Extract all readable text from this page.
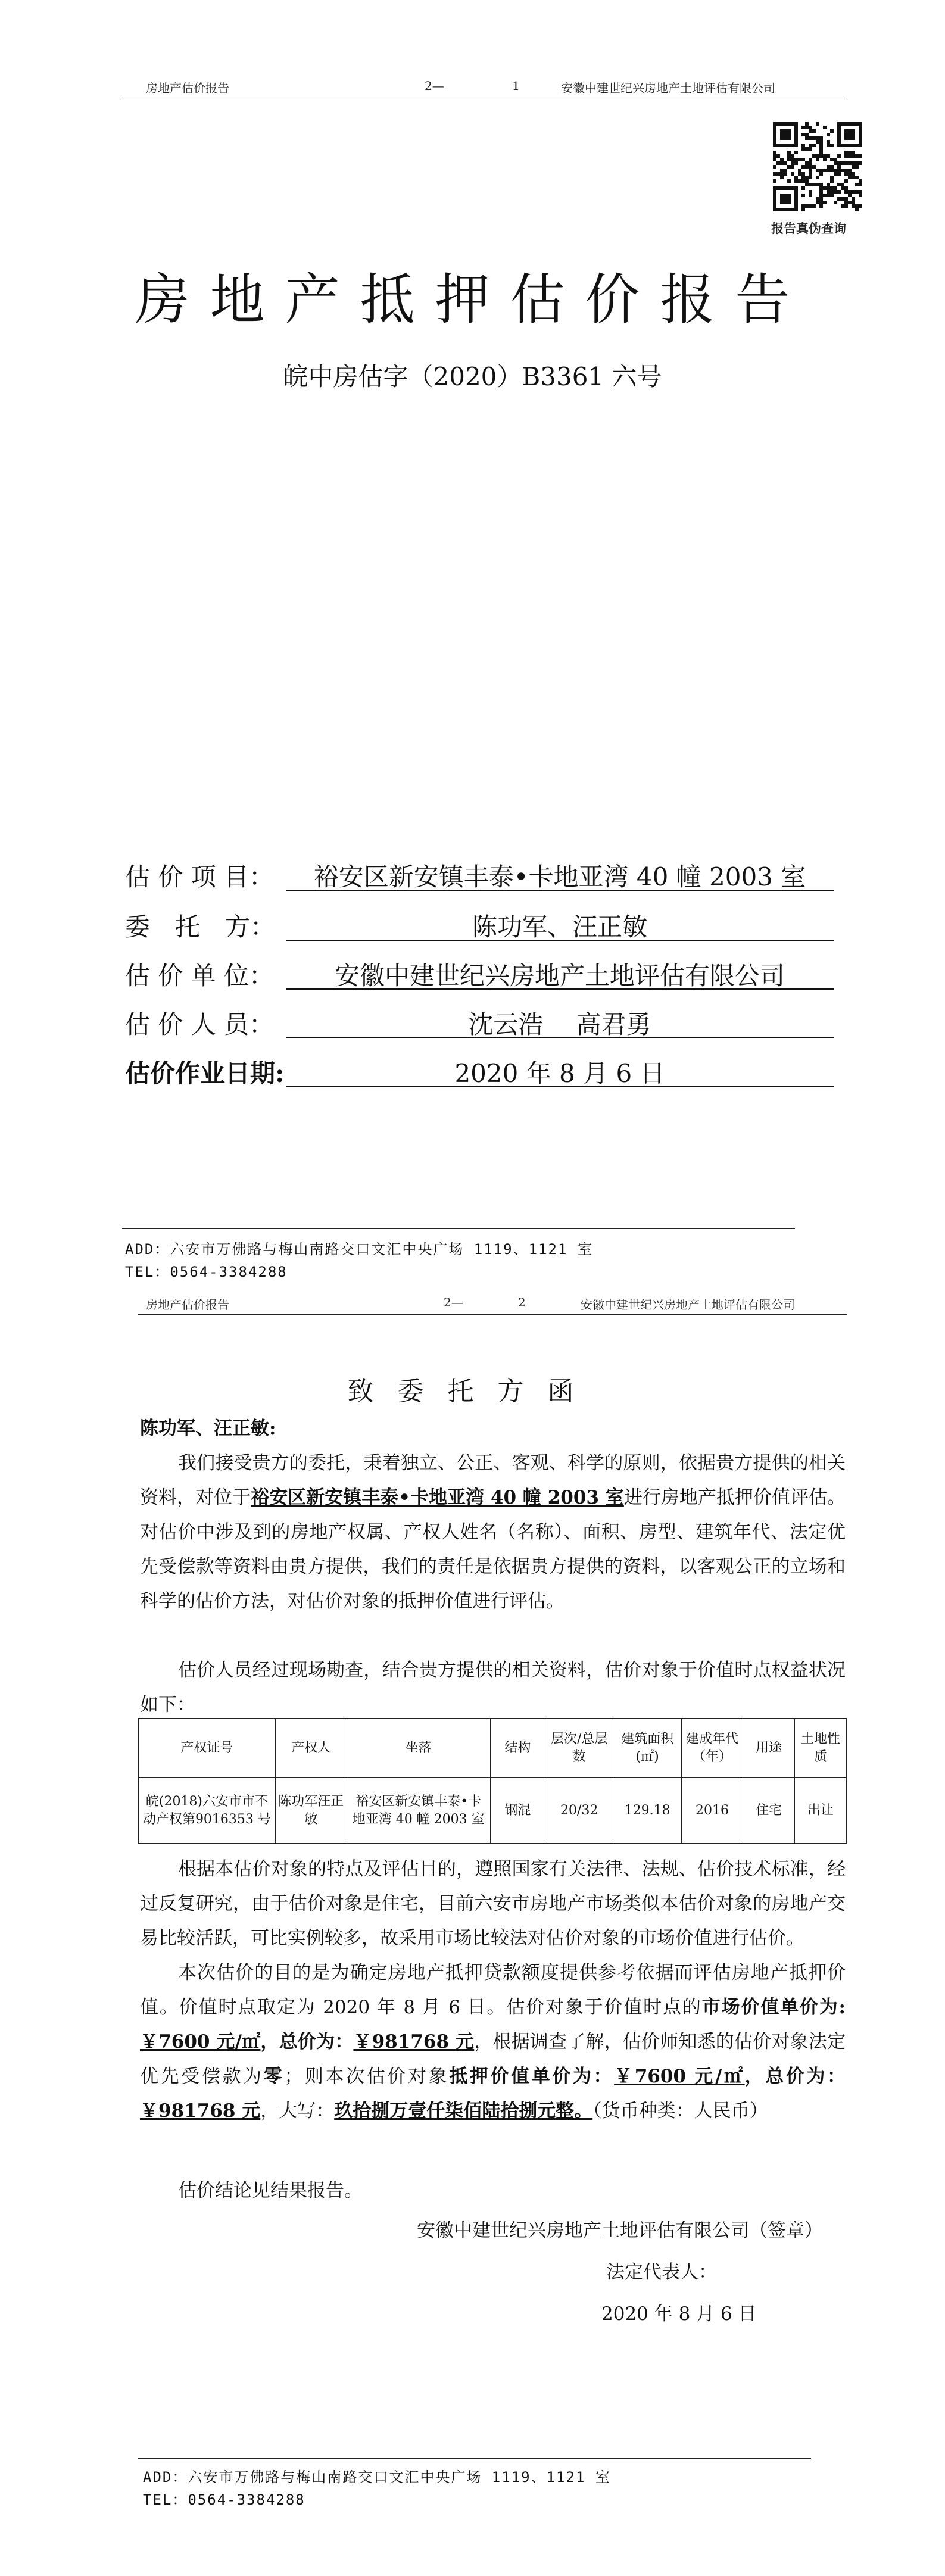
房地产估价报告	2—	1	安徽中建世纪兴房地产土地评估有限公司
报告真伪查询
房地产抵押估价报告
皖中房估字（2020）B3361 六号
估 价 项 目：	裕安区新安镇丰泰•卡地亚湾 40 幢 2003 室
委　托　方：	陈功军、汪正敏
估 价 单 位：	安徽中建世纪兴房地产土地评估有限公司
估 价 人 员：	沈云浩　 高君勇
估价作业日期:	2020 年 8 月 6 日
ADD：六安市万佛路与梅山南路交口文汇中央广场 1119、1121 室
TEL：0564-3384288
房地产估价报告	2—	2	安徽中建世纪兴房地产土地评估有限公司
致委托方函
陈功军、汪正敏:
我们接受贵方的委托，秉着独立、公正、客观、科学的原则，依据贵方提供的相关资料，对位于裕安区新安镇丰泰•卡地亚湾 40 幢 2003 室进行房地产抵押价值评估。对估价中涉及到的房地产权属、产权人姓名（名称）、面积、房型、建筑年代、法定优先受偿款等资料由贵方提供，我们的责任是依据贵方提供的资料，以客观公正的立场和科学的估价方法，对估价对象的抵押价值进行评估。
估价人员经过现场勘查，结合贵方提供的相关资料，估价对象于价值时点权益状况如下：
产权证号	产权人	坐落	结构	层次/总层数	建筑面积(㎡)	建成年代（年）	用途	土地性质
皖(2018)六安市市不动产权第9016353 号	陈功军汪正敏	裕安区新安镇丰泰•卡地亚湾 40 幢 2003 室	钢混	20/32	129.18	2016	住宅	出让
根据本估价对象的特点及评估目的，遵照国家有关法律、法规、估价技术标准，经过反复研究，由于估价对象是住宅，目前六安市房地产市场类似本估价对象的房地产交易比较活跃，可比实例较多，故采用市场比较法对估价对象的市场价值进行估价。
本次估价的目的是为确定房地产抵押贷款额度提供参考依据而评估房地产抵押价值。价值时点取定为 2020 年 8 月 6 日。估价对象于价值时点的市场价值单价为:￥7600 元/㎡，总价为：￥981768 元，根据调查了解，估价师知悉的估价对象法定优先受偿款为零；则本次估价对象抵押价值单价为：￥7600 元/㎡，总价为：￥981768 元，大写：玖拾捌万壹仟柒佰陆拾捌元整。（货币种类：人民币）
估价结论见结果报告。
安徽中建世纪兴房地产土地评估有限公司（签章）
法定代表人：
2020 年 8 月 6 日
ADD：六安市万佛路与梅山南路交口文汇中央广场 1119、1121 室
TEL：0564-3384288
